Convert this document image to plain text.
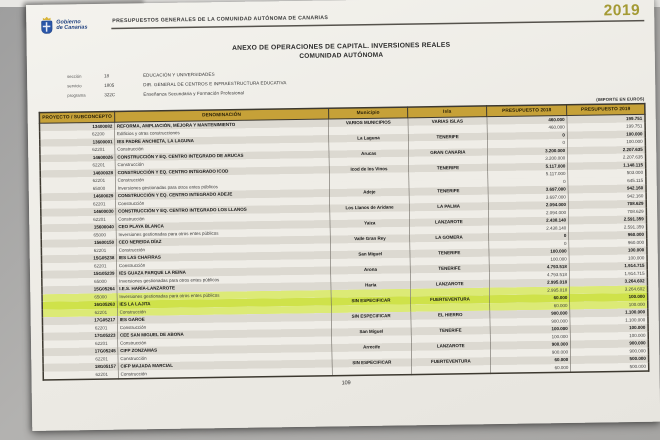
Gobierno
de Canarias
PRESUPUESTOS GENERALES DE LA COMUNIDAD AUTÓNOMA DE CANARIAS
2019
ANEXO DE OPERACIONES DE CAPITAL. INVERSIONES REALES
COMUNIDAD AUTÓNOMA
sección	18	EDUCACIÓN Y UNIVERSIDADES
servicio	1805	DIR. GENERAL DE CENTROS E INFRAESTRUCTURA EDUCATIVA
programa	322C	Enseñanza Secundaria y Formación Profesional
(IMPORTE EN EUROS)
PROYECTO / SUBCONCEPTO	DENOMINACIÓN	Municipio	Isla	PRESUPUESTO 2018	PRESUPUESTO 2019
13400082	REFORMA, AMPLIACIÓN, MEJORA Y MANTENIMIENTO	VARIOS MUNICIPIOS	VARIAS ISLAS	460.000	199.751
62200	Edificios y otras construcciones			460.000	199.751
13600001	IES PADRE ANCHIETA, LA LAGUNA	La Laguna	TENERIFE	0	100.000
62201	Construcción			0	100.000
14600026	CONSTRUCCIÓN Y EQ. CENTRO INTEGRADO DE ARUCAS	Arucas	GRAN CANARIA	3.200.000	2.207.635
62201	Construcción			3.200.000	2.207.635
14600028	CONSTRUCCIÓN Y EQ. CENTRO INTEGRADO ICOD	Icod de los Vinos	TENERIFE	5.117.000	1.148.115
62201	Construcción			5.117.000	503.000
65000	Inversiones gestionadas para otros entes públicos			0	645.115
14600029	CONSTRUCCIÓN Y EQ. CENTRO INTEGRADO ADEJE	Adeje	TENERIFE	3.697.000	942.160
62201	Construcción			3.697.000	942.160
14600030	CONSTRUCCIÓN Y EQ. CENTRO INTEGRADO LOS LLANOS	Los Llanos de Aridane	LA PALMA	2.094.000	708.629
62201	Construcción			2.094.000	708.629
15600040	CEO PLAYA BLANCA	Yaiza	LANZAROTE	2.438.140	2.591.359
65000	Inversiones gestionadas para otros entes públicos			2.438.140	2.591.359
15600150	CEO NEREIDA DÍAZ	Valle Gran Rey	LA GOMERA	0	960.000
62201	Construcción			0	960.000
15G05238	IES LAS CHAFIRAS	San Miguel	TENERIFE	100.000	100.000
62201	Construcción			100.000	100.000
15G05239	IES GUAZA PARQUE LA REINA	Arona	TENERIFE	4.793.518	1.914.715
65000	Inversiones gestionadas para otros entes públicos			4.793.518	1.914.715
15G05264	I.E.S. HARÍA-LANZAROTE	Haría	LANZAROTE	2.995.018	3.264.602
65000	Inversiones gestionadas para otros entes públicos			2.995.018	3.264.602
16G05263	IES LA LAJITA	SIN ESPECIFICAR	FUERTEVENTURA	60.000	100.000
62201	Construcción			60.000	100.000
17G05217	IES GAROE	SIN ESPECIFICAR	EL HIERRO	900.000	1.100.000
62201	Construcción			900.000	1.100.000
17G05223	CEE SAN MIGUEL DE ABONA	San Miguel	TENERIFE	100.000	100.000
62201	Construcción			100.000	100.000
17G05245	CIFP ZONZAMAS	Arrecife	LANZAROTE	900.000	900.000
62201	Construcción			900.000	900.000
18G05157	CIFP MAJADA MARCIAL	SIN ESPECIFICAR	FUERTEVENTURA	60.000	500.000
62201	Construcción			60.000	500.000
109
